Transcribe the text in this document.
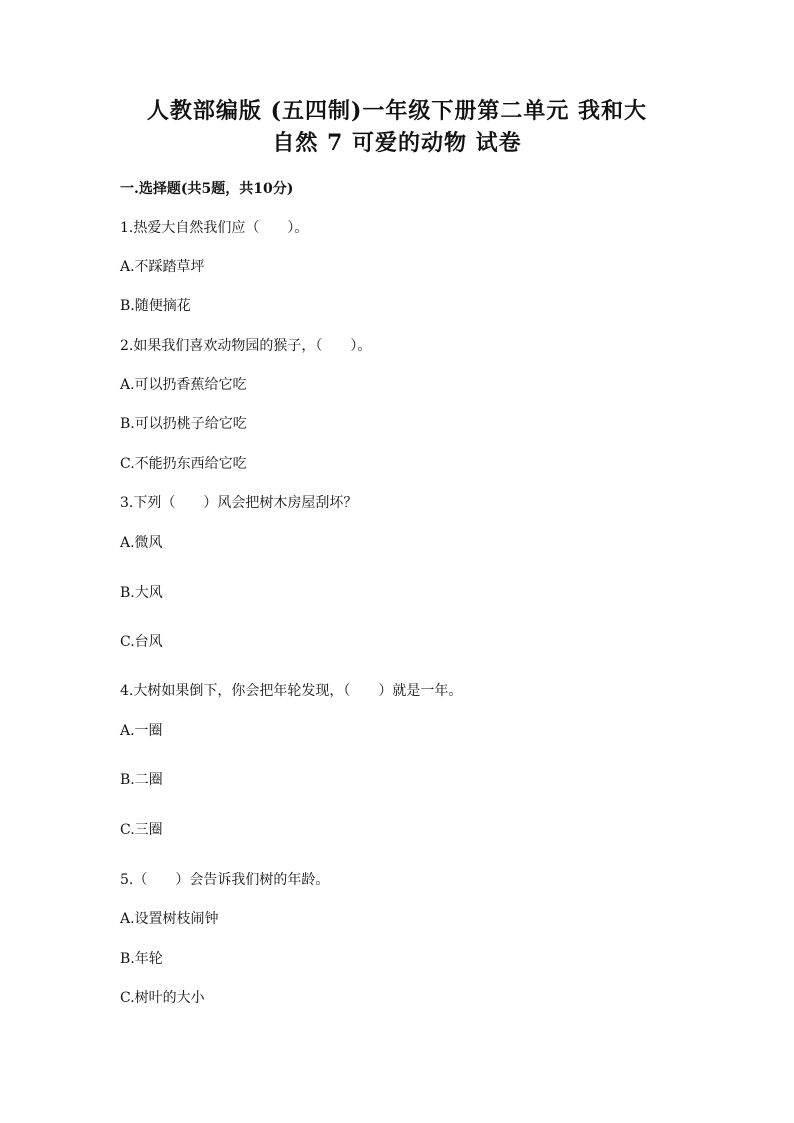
人教部编版 (五四制)一年级下册第二单元 我和大
自然 7 可爱的动物 试卷
一.选择题(共5题，共10分)
1.热爱大自然我们应（　　）。
A.不踩踏草坪
B.随便摘花
2.如果我们喜欢动物园的猴子，（　　）。
A.可以扔香蕉给它吃
B.可以扔桃子给它吃
C.不能扔东西给它吃
3.下列（　　）风会把树木房屋刮坏？
A.微风
B.大风
C.台风
4.大树如果倒下，你会把年轮发现，（　　）就是一年。
A.一圈
B.二圈
C.三圈
5.（　　）会告诉我们树的年龄。
A.设置树枝闹钟
B.年轮
C.树叶的大小
